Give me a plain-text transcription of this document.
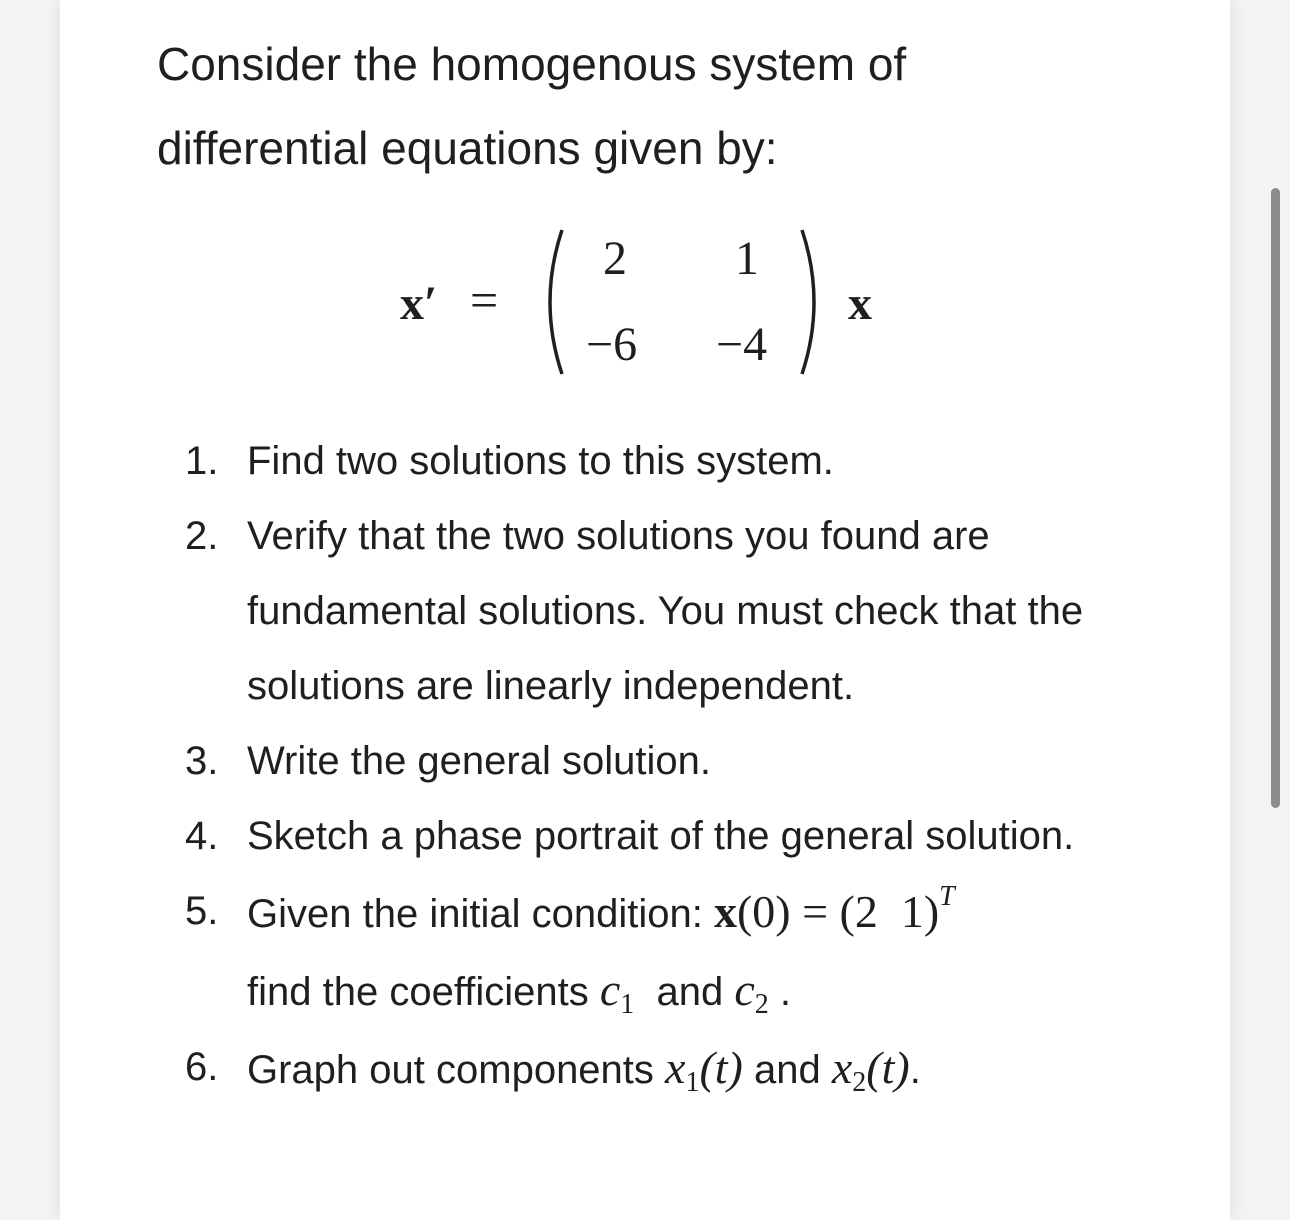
Consider the homogenous system of
differential equations given by:

x′ =
2 1
−6 −4
x
1. Find two solutions to this system.
2. Verify that the two solutions you found are fundamental solutions. You must check that the solutions are linearly independent.
3. Write the general solution.
4. Sketch a phase portrait of the general solution.
5. Given the initial condition: x(0) = (2  1)$^T$
find the coefficients $c_1$  and $c_2$ .
6. Graph out components $x_1(t)$ and $x_2(t)$.
